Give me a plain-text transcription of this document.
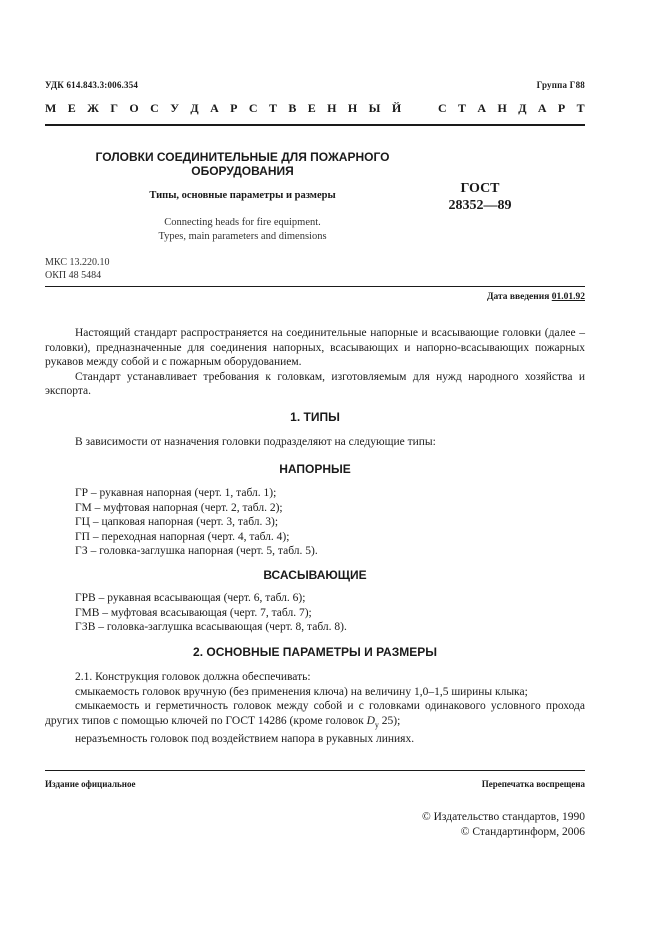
УДК 614.843.3:006.354	Группа Г88
М Е Ж Г О С У Д А Р С Т В Е Н Н Ы Й
	С Т А Н Д А Р Т
ГОЛОВКИ СОЕДИНИТЕЛЬНЫЕ ДЛЯ ПОЖАРНОГО
ОБОРУДОВАНИЯ
Типы, основные параметры и размеры
Connecting heads for fire equipment.
Types, main parameters and dimensions
ГОСТ
28352—89
МКС 13.220.10
ОКП 48 5484
Дата введения 01.01.92

Настоящий стандарт распространяется на соединительные напорные и всасывающие головки (далее – головки), предназначенные для соединения напорных, всасывающих и напорно-всасывающих пожарных рукавов между собой и с пожарным оборудованием.

Стандарт устанавливает требования к головкам, изготовляемым для нужд народного хозяйства и экспорта.

1. ТИПЫ

В зависимости от назначения головки подразделяют на следующие типы:

НАПОРНЫЕ
ГР – рукавная напорная (черт. 1, табл. 1);
ГМ – муфтовая напорная (черт. 2, табл. 2);
ГЦ – цапковая напорная (черт. 3, табл. 3);
ГП – переходная напорная (черт. 4, табл. 4);
ГЗ – головка-заглушка напорная (черт. 5, табл. 5).
ВСАСЫВАЮЩИЕ
ГРВ – рукавная всасывающая (черт. 6, табл. 6);
ГМВ – муфтовая всасывающая (черт. 7, табл. 7);
ГЗВ – головка-заглушка всасывающая (черт. 8, табл. 8).
2. ОСНОВНЫЕ ПАРАМЕТРЫ И РАЗМЕРЫ

2.1. Конструкция головок должна обеспечивать:

смыкаемость головок вручную (без применения ключа) на величину 1,0–1,5 ширины клыка;

смыкаемость и герметичность головок между собой и с головками одинакового условного прохода других типов с помощью ключей по ГОСТ 14286 (кроме головок $D_у$ 25);

неразъемность головок под воздействием напора в рукавных линиях.

Издание официальное	Перепечатка воспрещена
© Издательство стандартов, 1990
© Стандартинформ, 2006
